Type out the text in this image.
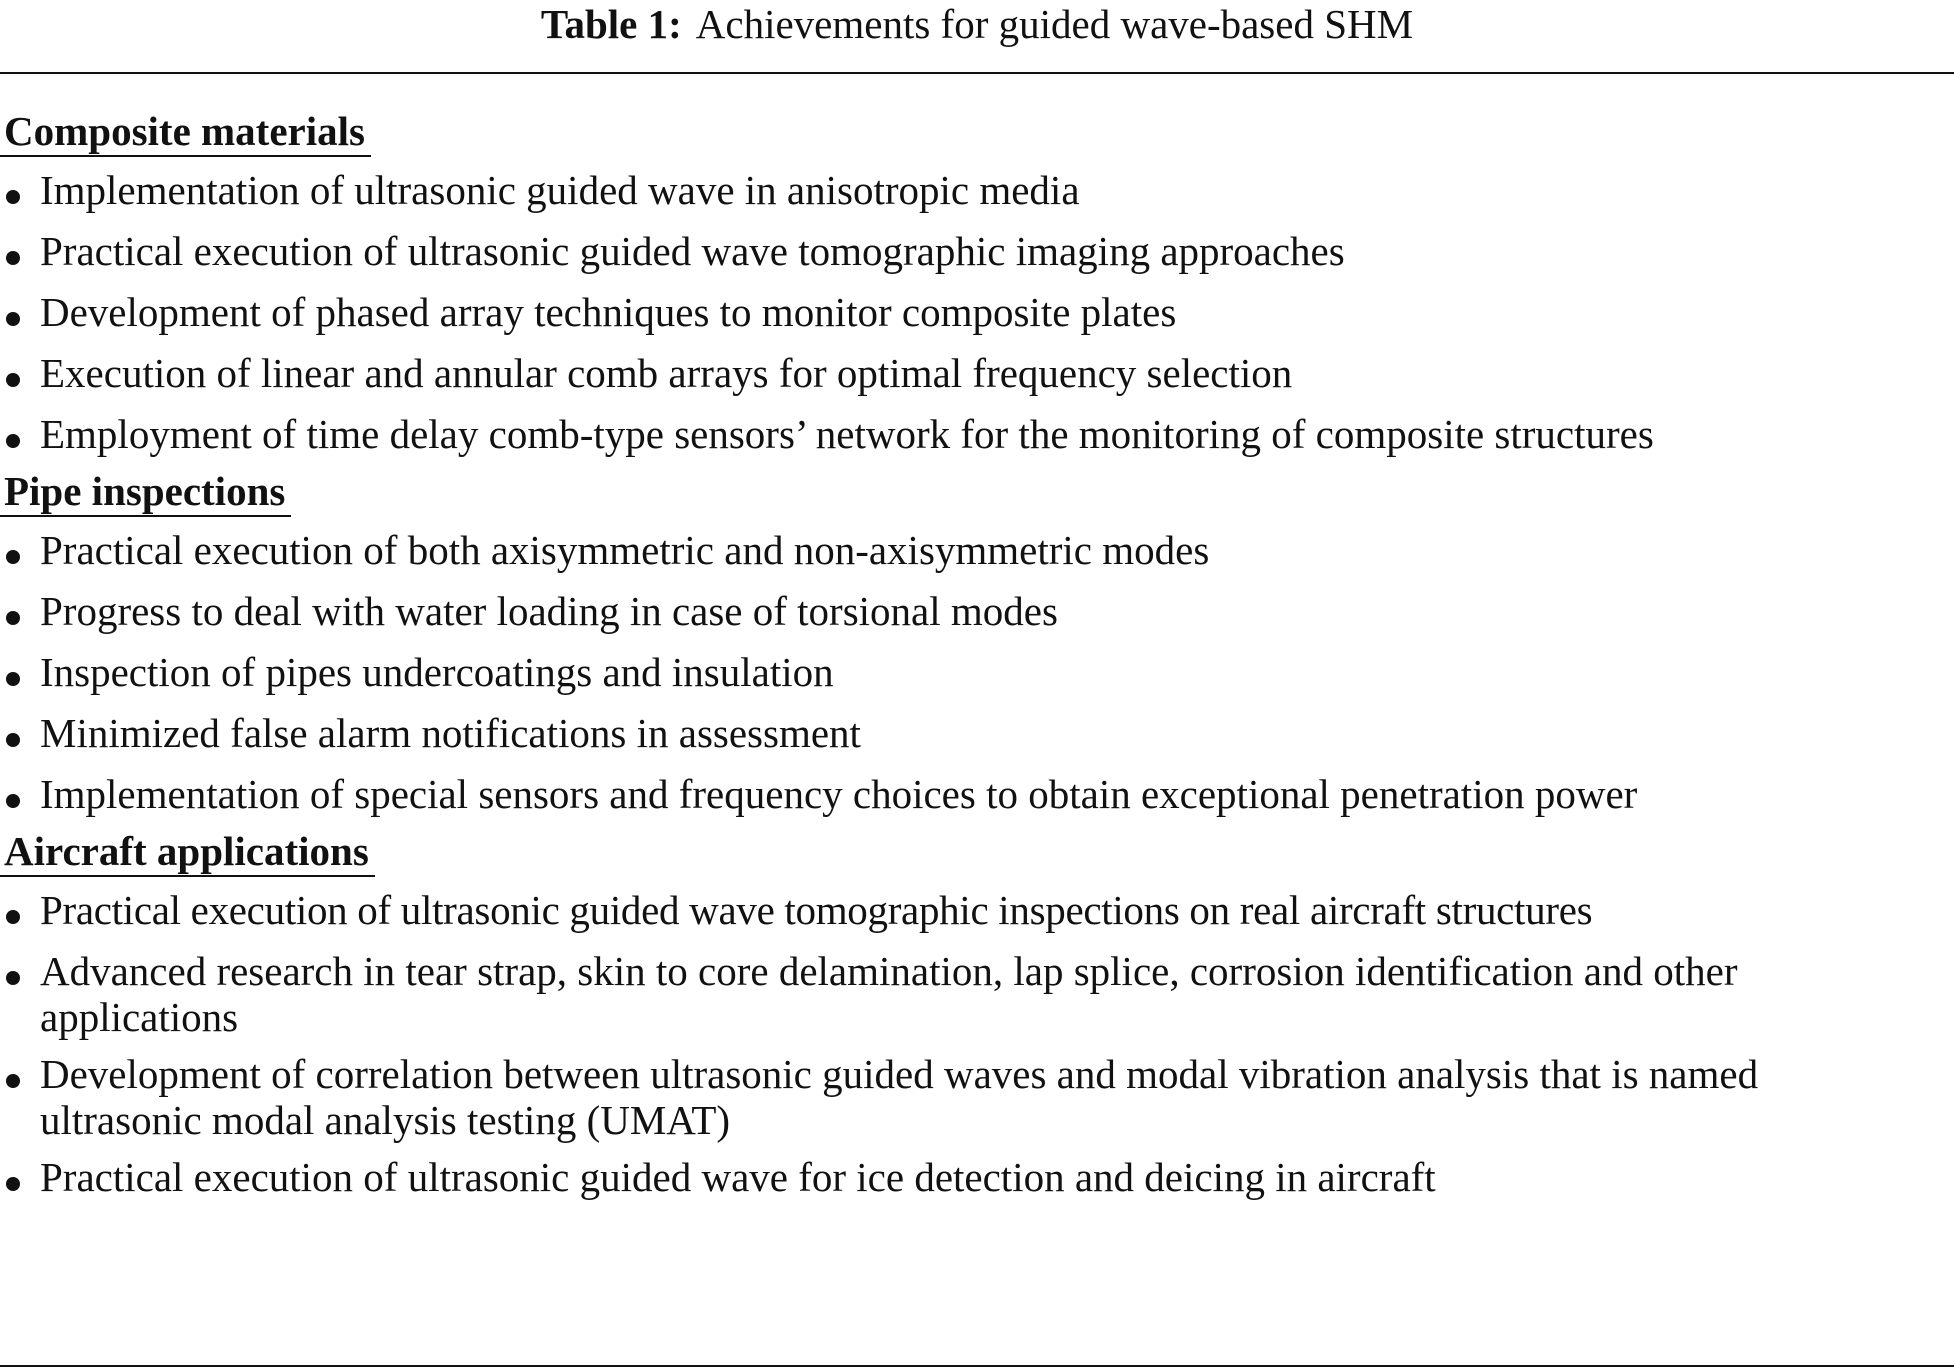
Table 1: Achievements for guided wave-based SHM
Composite materials
Implementation of ultrasonic guided wave in anisotropic media
Practical execution of ultrasonic guided wave tomographic imaging approaches
Development of phased array techniques to monitor composite plates
Execution of linear and annular comb arrays for optimal frequency selection
Employment of time delay comb-type sensors’ network for the monitoring of composite structures
Pipe inspections
Practical execution of both axisymmetric and non-axisymmetric modes
Progress to deal with water loading in case of torsional modes
Inspection of pipes undercoatings and insulation
Minimized false alarm notifications in assessment
Implementation of special sensors and frequency choices to obtain exceptional penetration power
Aircraft applications
Practical execution of ultrasonic guided wave tomographic inspections on real aircraft structures
Advanced research in tear strap, skin to core delamination, lap splice, corrosion identification and other applications
Development of correlation between ultrasonic guided waves and modal vibration analysis that is named ultrasonic modal analysis testing (UMAT)
Practical execution of ultrasonic guided wave for ice detection and deicing in aircraft
